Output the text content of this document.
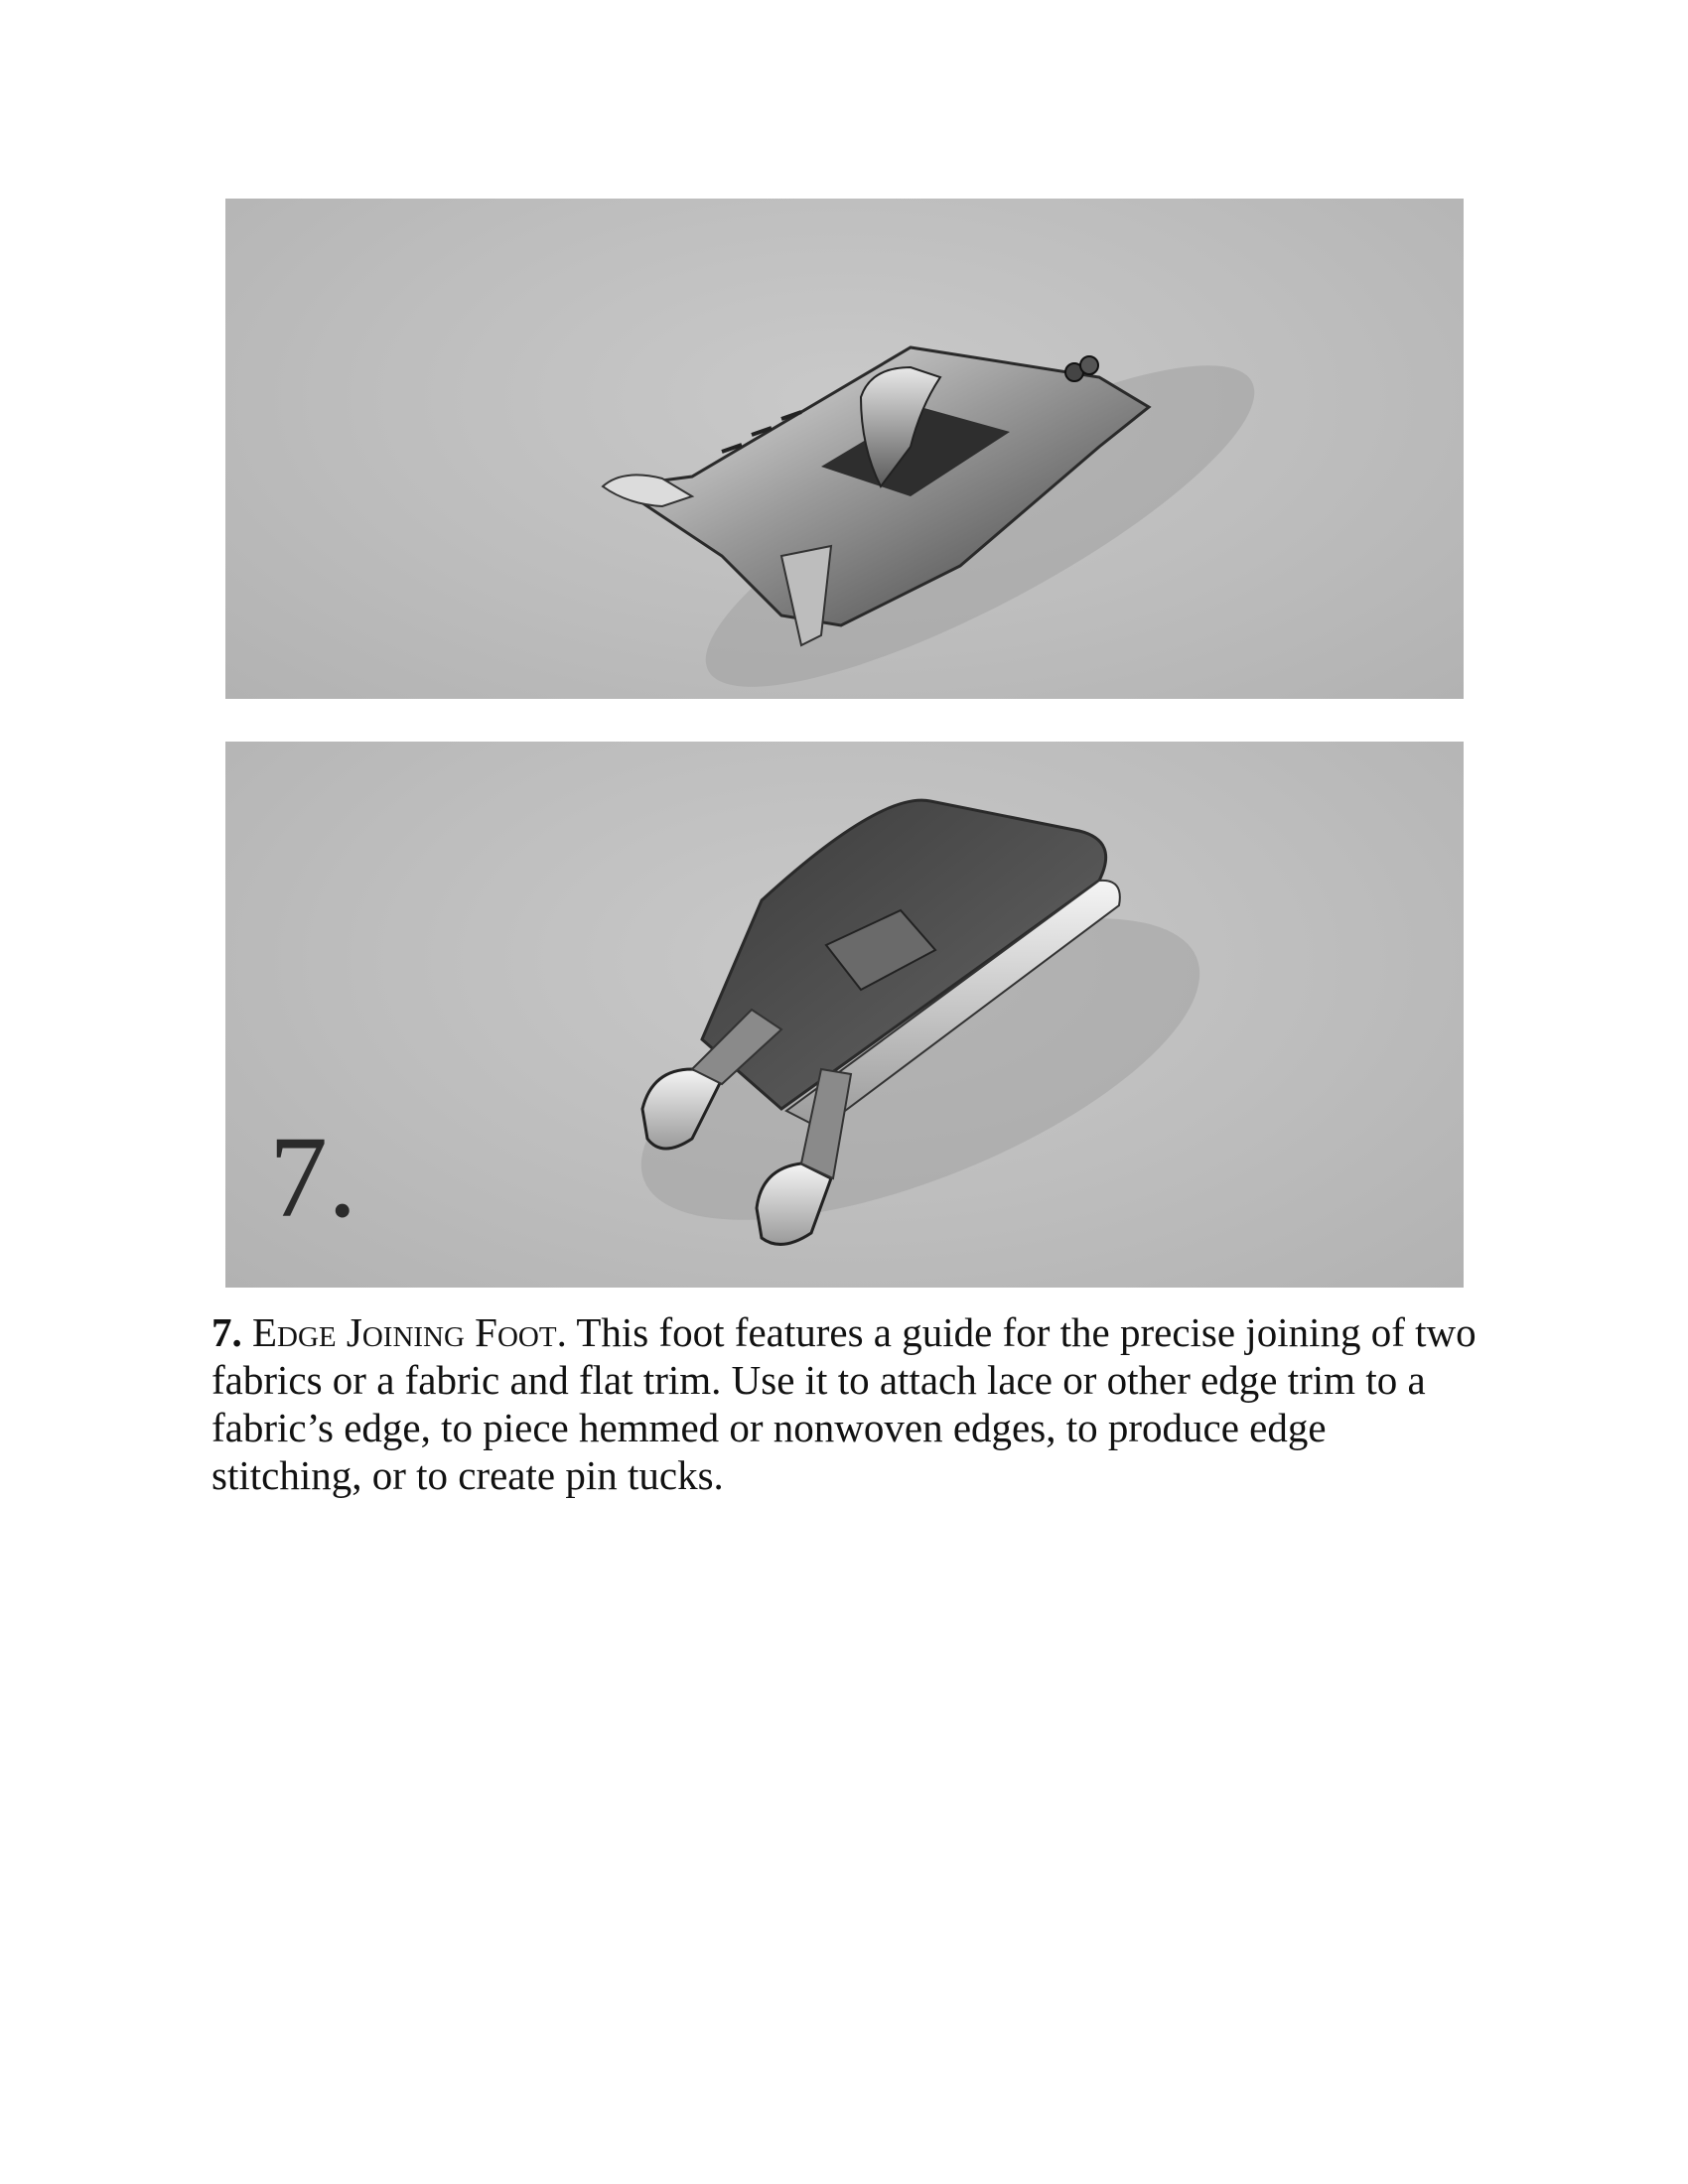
7.

7. Edge Joining Foot. This foot features a guide for the precise joining of two fabrics or a fabric and flat trim. Use it to attach lace or other edge trim to a fabric’s edge, to piece hemmed or nonwoven edges, to produce edge stitching, or to create pin tucks.
